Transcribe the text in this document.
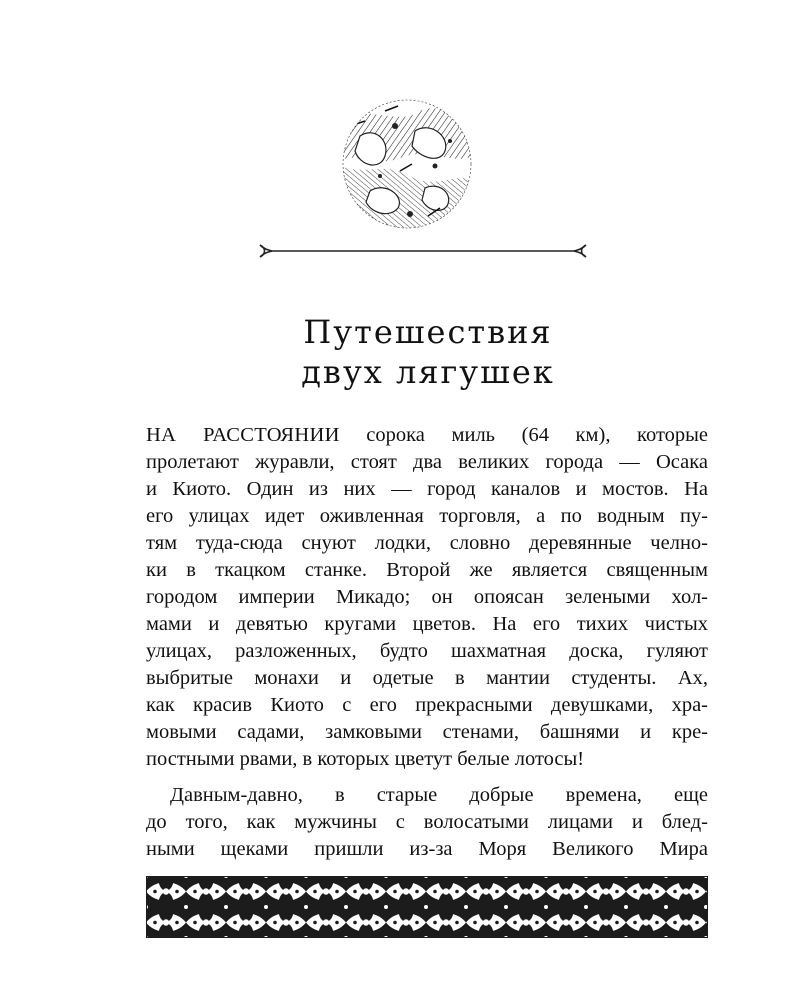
Путешествия
двух лягушек
НА РАССТОЯНИИ сорока миль (64 км), которые
пролетают журавли, стоят два великих города — Осака
и Киото. Один из них — город каналов и мостов. На
его улицах идет оживленная торговля, а по водным пу-
тям туда-сюда снуют лодки, словно деревянные челно-
ки в ткацком станке. Второй же является священным
городом империи Микадо; он опоясан зелеными хол-
мами и девятью кругами цветов. На его тихих чистых
улицах, разложенных, будто шахматная доска, гуляют
выбритые монахи и одетые в мантии студенты. Ах,
как красив Киото с его прекрасными девушками, хра-
мовыми садами, замковыми стенами, башнями и кре-
постными рвами, в которых цветут белые лотосы!
Давным-давно, в старые добрые времена, еще
до того, как мужчины с волосатыми лицами и блед-
ными щеками пришли из-за Моря Великого Мира
